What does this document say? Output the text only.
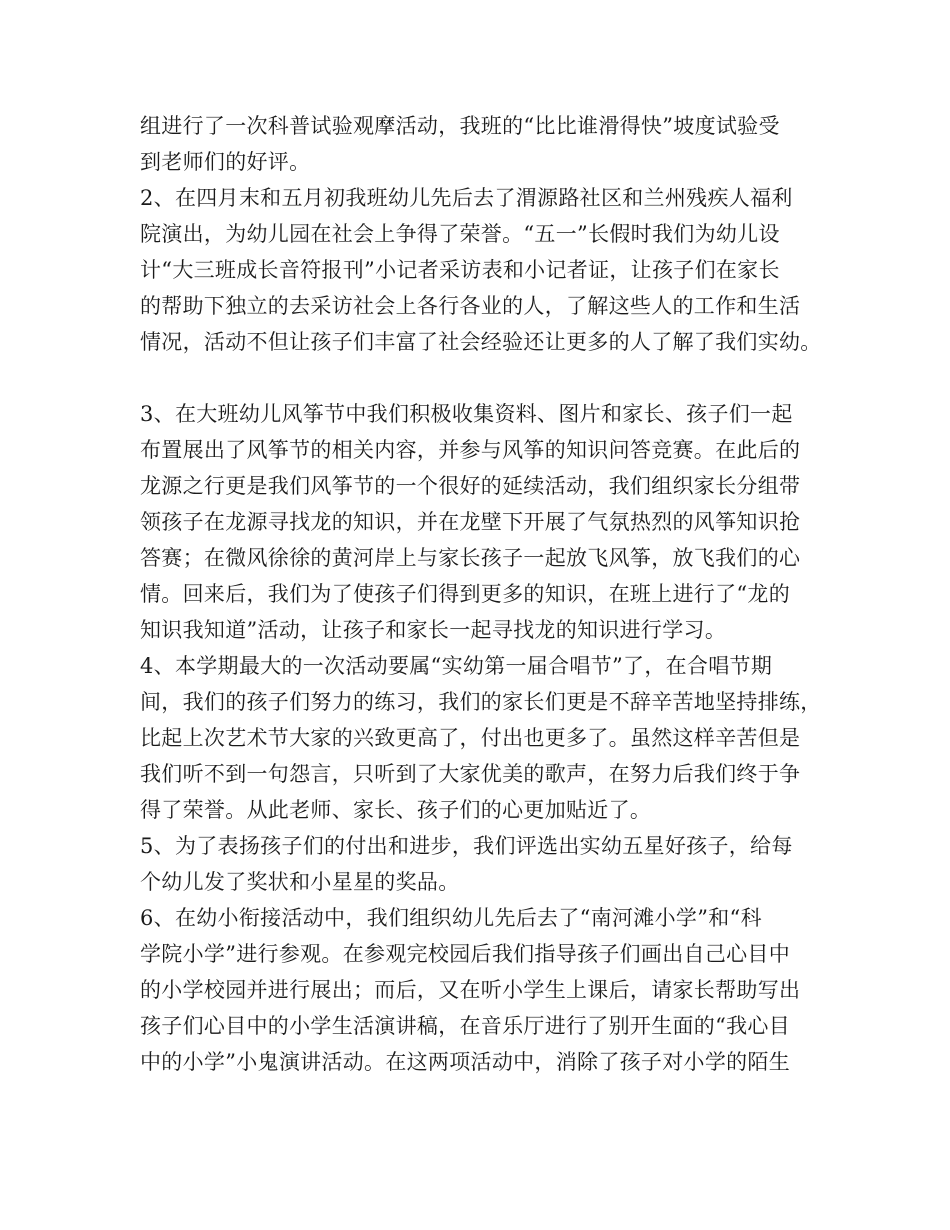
组进行了一次科普试验观摩活动，我班的“比比谁滑得快”坡度试验受
到老师们的好评。
2、在四月末和五月初我班幼儿先后去了渭源路社区和兰州残疾人福利
院演出，为幼儿园在社会上争得了荣誉。“五一”长假时我们为幼儿设
计“大三班成长音符报刊”小记者采访表和小记者证，让孩子们在家长
的帮助下独立的去采访社会上各行各业的人，了解这些人的工作和生活
情况，活动不但让孩子们丰富了社会经验还让更多的人了解了我们实幼。
3、在大班幼儿风筝节中我们积极收集资料、图片和家长、孩子们一起
布置展出了风筝节的相关内容，并参与风筝的知识问答竞赛。在此后的
龙源之行更是我们风筝节的一个很好的延续活动，我们组织家长分组带
领孩子在龙源寻找龙的知识，并在龙壁下开展了气氛热烈的风筝知识抢
答赛；在微风徐徐的黄河岸上与家长孩子一起放飞风筝，放飞我们的心
情。回来后，我们为了使孩子们得到更多的知识，在班上进行了“龙的
知识我知道”活动，让孩子和家长一起寻找龙的知识进行学习。
4、本学期最大的一次活动要属“实幼第一届合唱节”了，在合唱节期
间，我们的孩子们努力的练习，我们的家长们更是不辞辛苦地坚持排练，
比起上次艺术节大家的兴致更高了，付出也更多了。虽然这样辛苦但是
我们听不到一句怨言，只听到了大家优美的歌声，在努力后我们终于争
得了荣誉。从此老师、家长、孩子们的心更加贴近了。
5、为了表扬孩子们的付出和进步，我们评选出实幼五星好孩子，给每
个幼儿发了奖状和小星星的奖品。
6、在幼小衔接活动中，我们组织幼儿先后去了“南河滩小学”和“科
学院小学”进行参观。在参观完校园后我们指导孩子们画出自己心目中
的小学校园并进行展出；而后，又在听小学生上课后，请家长帮助写出
孩子们心目中的小学生活演讲稿，在音乐厅进行了别开生面的“我心目
中的小学”小鬼演讲活动。在这两项活动中，消除了孩子对小学的陌生
